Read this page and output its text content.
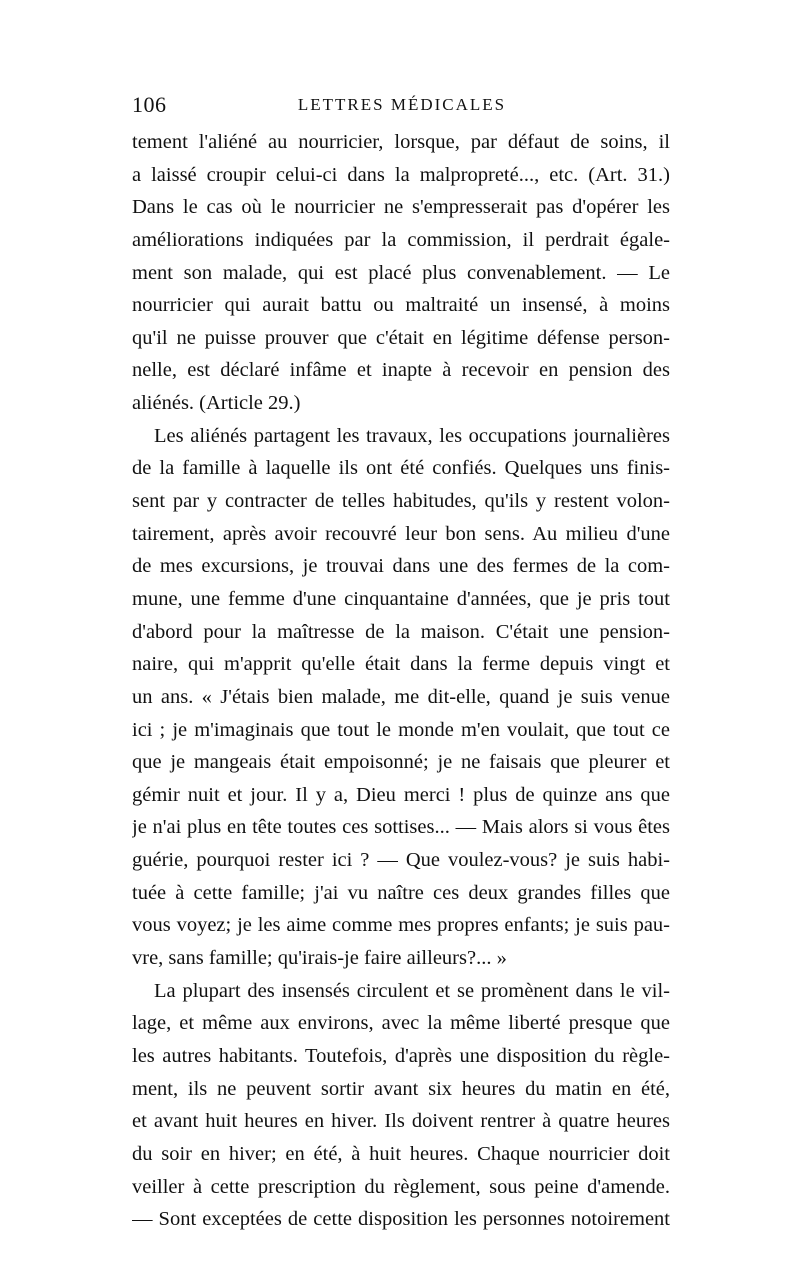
106	LETTRES MÉDICALES
tement l'aliéné au nourricier, lorsque, par défaut de soins, il
a laissé croupir celui-ci dans la malpropreté..., etc. (Art. 31.)
Dans le cas où le nourricier ne s'empresserait pas d'opérer les
améliorations indiquées par la commission, il perdrait égale-
ment son malade, qui est placé plus convenablement. — Le
nourricier qui aurait battu ou maltraité un insensé, à moins
qu'il ne puisse prouver que c'était en légitime défense person-
nelle, est déclaré infâme et inapte à recevoir en pension des
aliénés. (Article 29.)
Les aliénés partagent les travaux, les occupations journalières
de la famille à laquelle ils ont été confiés. Quelques uns finis-
sent par y contracter de telles habitudes, qu'ils y restent volon-
tairement, après avoir recouvré leur bon sens. Au milieu d'une
de mes excursions, je trouvai dans une des fermes de la com-
mune, une femme d'une cinquantaine d'années, que je pris tout
d'abord pour la maîtresse de la maison. C'était une pension-
naire, qui m'apprit qu'elle était dans la ferme depuis vingt et
un ans. « J'étais bien malade, me dit-elle, quand je suis venue
ici ; je m'imaginais que tout le monde m'en voulait, que tout ce
que je mangeais était empoisonné; je ne faisais que pleurer et
gémir nuit et jour. Il y a, Dieu merci ! plus de quinze ans que
je n'ai plus en tête toutes ces sottises... — Mais alors si vous êtes
guérie, pourquoi rester ici ? — Que voulez-vous? je suis habi-
tuée à cette famille; j'ai vu naître ces deux grandes filles que
vous voyez; je les aime comme mes propres enfants; je suis pau-
vre, sans famille; qu'irais-je faire ailleurs?... »
La plupart des insensés circulent et se promènent dans le vil-
lage, et même aux environs, avec la même liberté presque que
les autres habitants. Toutefois, d'après une disposition du règle-
ment, ils ne peuvent sortir avant six heures du matin en été,
et avant huit heures en hiver. Ils doivent rentrer à quatre heures
du soir en hiver; en été, à huit heures. Chaque nourricier doit
veiller à cette prescription du règlement, sous peine d'amende.
— Sont exceptées de cette disposition les personnes notoirement
